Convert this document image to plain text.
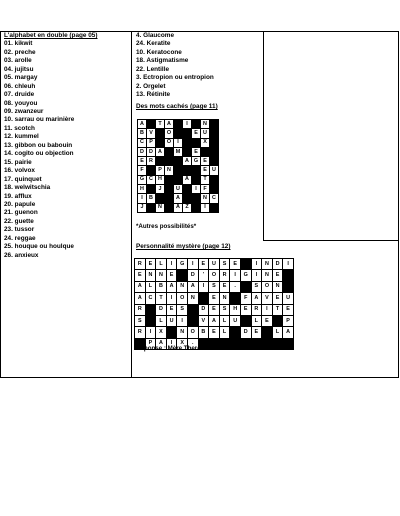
L'alphabet en double (page 05)
01. kikwit
02. preche
03. arolle
04. jujitsu
05. margay
06. chleuh
07. druide
08. youyou
09. zwanzeur
10. sarrau ou marinière
11. scotch
12. kummel
13. gibbon ou babouin
14. cogito ou objection
15. pairie
16. volvox
17. quinquet
18. welwitschia
19. afflux
20. papule
21. guenon
22. guette
23. tussor
24. reggae
25. houque ou houlque
26. anxieux
4. Glaucome
24. Keratite
10. Keratocone
18. Astigmatisme
22. Lentille
3. Ectropion ou entropion
2. Orgelet
13. Rétinite
Des mots cachés (page 11)
A		T	A		I		N	
B	V		O			E	U	
C	P		O	I			X	
D	D	A		M		E		
E	R				A	G	E	
F		P	N				E	U
G	C	H			A		T	
H		J		U		I	F	
I	B			A			N	C
J		N		A	Z		I	
*Autres possibilités*
Personnalité mystère (page 12)
R	E	L	I	G	I	E	U	S	E		I	N	D	I
E	N	N	E		D	'	O	R	I	G	I	N	E	
A	L	B	A	N	A	I	S	E	.		S	O	N	
A	C	T	I	O	N		E	N		F	A	V	E	U
R		D	E	S		D	E	S	H	E	R	I	T	E
S		L	U	I		V	A	L	U		L	E		P
R	I	X		N	O	B	E	L		D	E		L	A
	P	A	I	X	.									
Réponse : Mère Theresa
